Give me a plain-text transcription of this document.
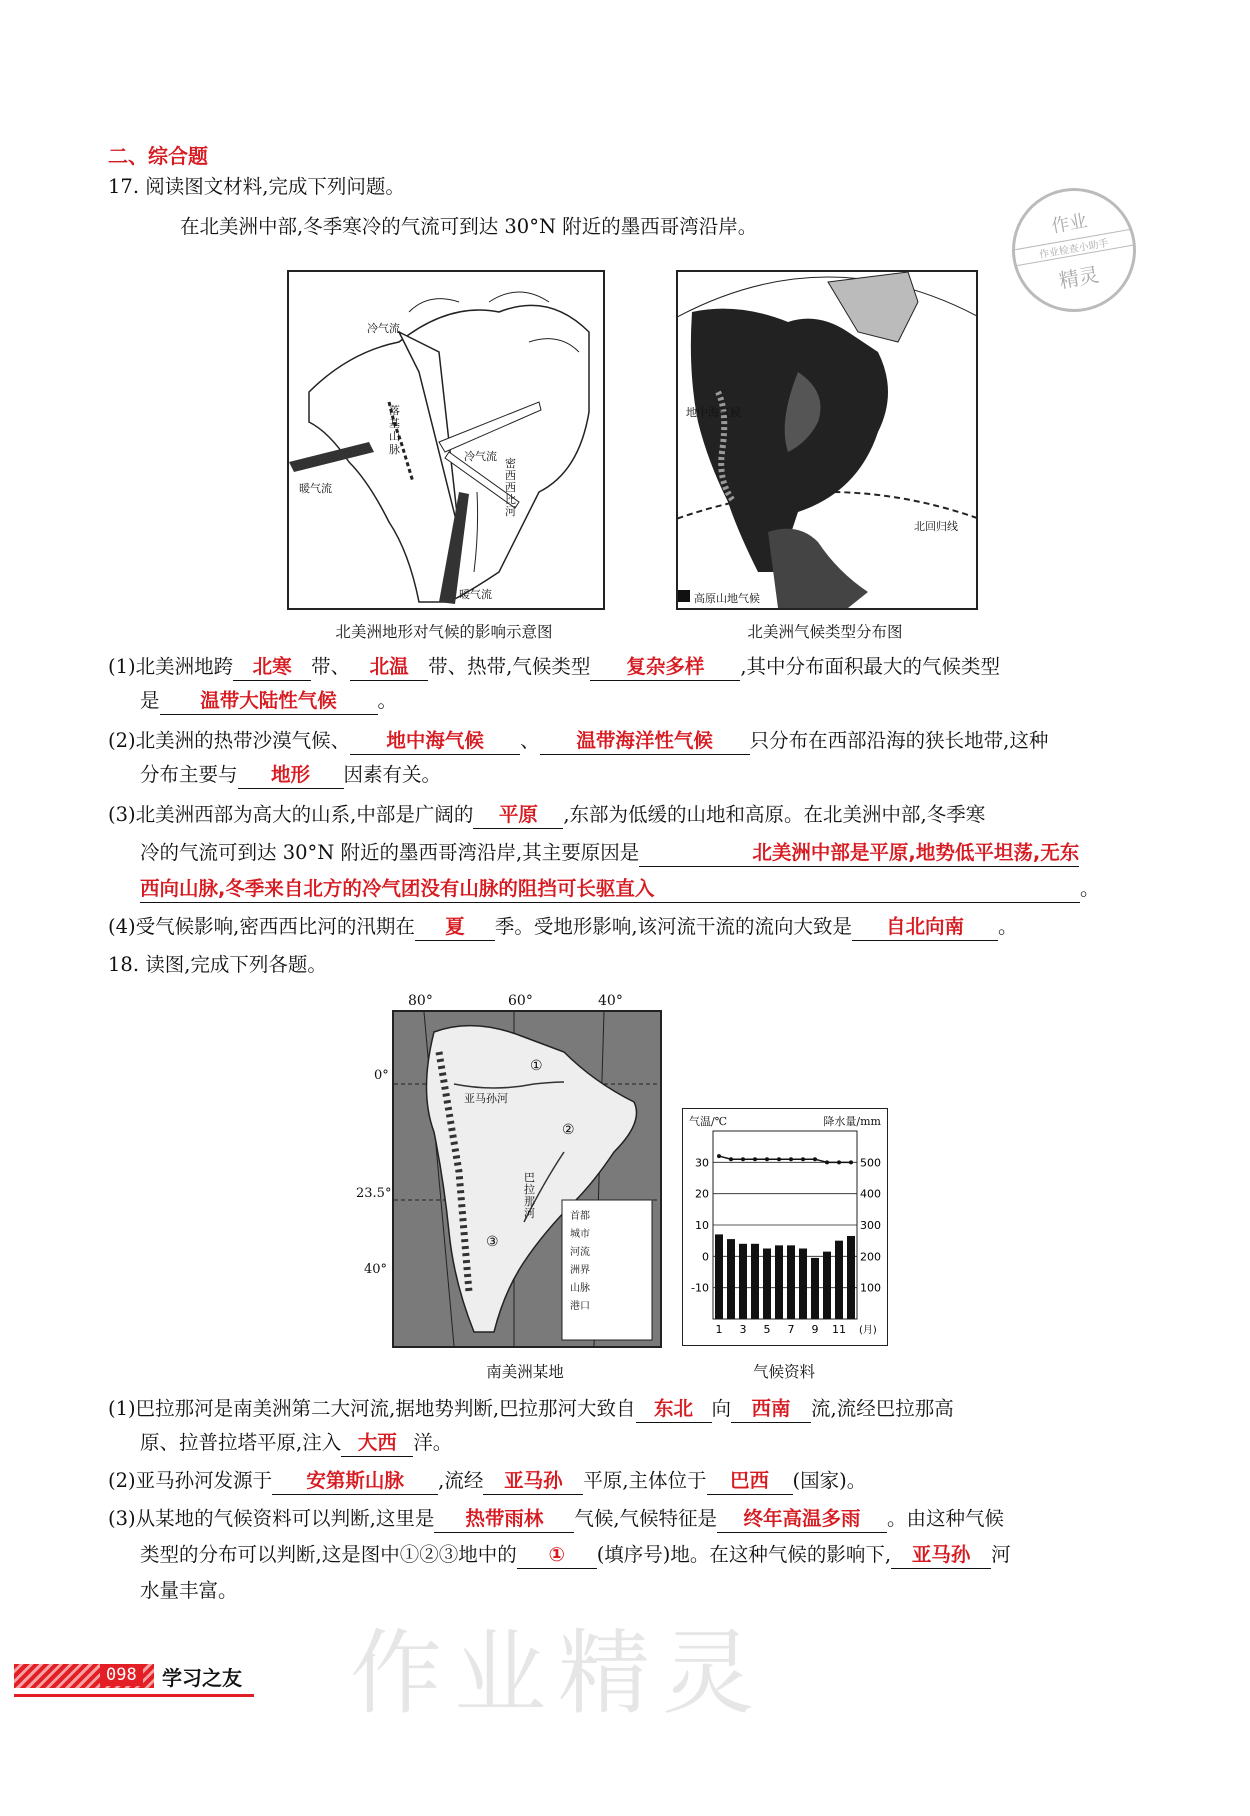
二、综合题
17. 阅读图文材料,完成下列问题。
在北美洲中部,冬季寒冷的气流可到达 30°N 附近的墨西哥湾沿岸。	作业
作业检查小助手
精灵
冷气流
冷气流
暖气流
暖气流
落基山脉
密西西比河
北美洲地形对气候的影响示意图
地中海气候
北回归线
高原山地气候
北美洲气候类型分布图
(1)北美洲地跨 北寒 带、 北温 带、热带,气候类型 复杂多样 ,其中分布面积最大的气候类型
是 温带大陆性气候 。
(2)北美洲的热带沙漠气候、 地中海气候 、 温带海洋性气候 只分布在西部沿海的狭长地带,这种
分布主要与 地形 因素有关。
(3)北美洲西部为高大的山系,中部是广阔的 平原 ,东部为低缓的山地和高原。在北美洲中部,冬季寒
冷的气流可到达 30°N 附近的墨西哥湾沿岸,其主要原因是	北美洲中部是平原,地势低平坦荡,无东
西向山脉,冬季来自北方的冷气团没有山脉的阻挡可长驱直入	。
(4)受气候影响,密西西比河的汛期在 夏 季。受地形影响,该河流干流的流向大致是 自北向南 。
18. 读图,完成下列各题。
80°	60°	40°
0°
23.5°
40°
①
②
③
亚马孙河
巴拉那河	首都
城市
河流
洲界
山脉
港口
南美洲某地
气温/℃	降水量/mm
-10
0
10
20
30
100
200
300
400
500
1 3 5 7 9 11 (月)
气候资料
(1)巴拉那河是南美洲第二大河流,据地势判断,巴拉那河大致自 东北 向 西南 流,流经巴拉那高
原、拉普拉塔平原,注入 大西 洋。
(2)亚马孙河发源于 安第斯山脉 ,流经 亚马孙 平原,主体位于 巴西 (国家)。
(3)从某地的气候资料可以判断,这里是 热带雨林 气候,气候特征是 终年高温多雨 。由这种气候
类型的分布可以判断,这是图中①②③地中的 ① (填序号)地。在这种气候的影响下, 亚马孙 河
水量丰富。
作业精灵
098	学习之友
